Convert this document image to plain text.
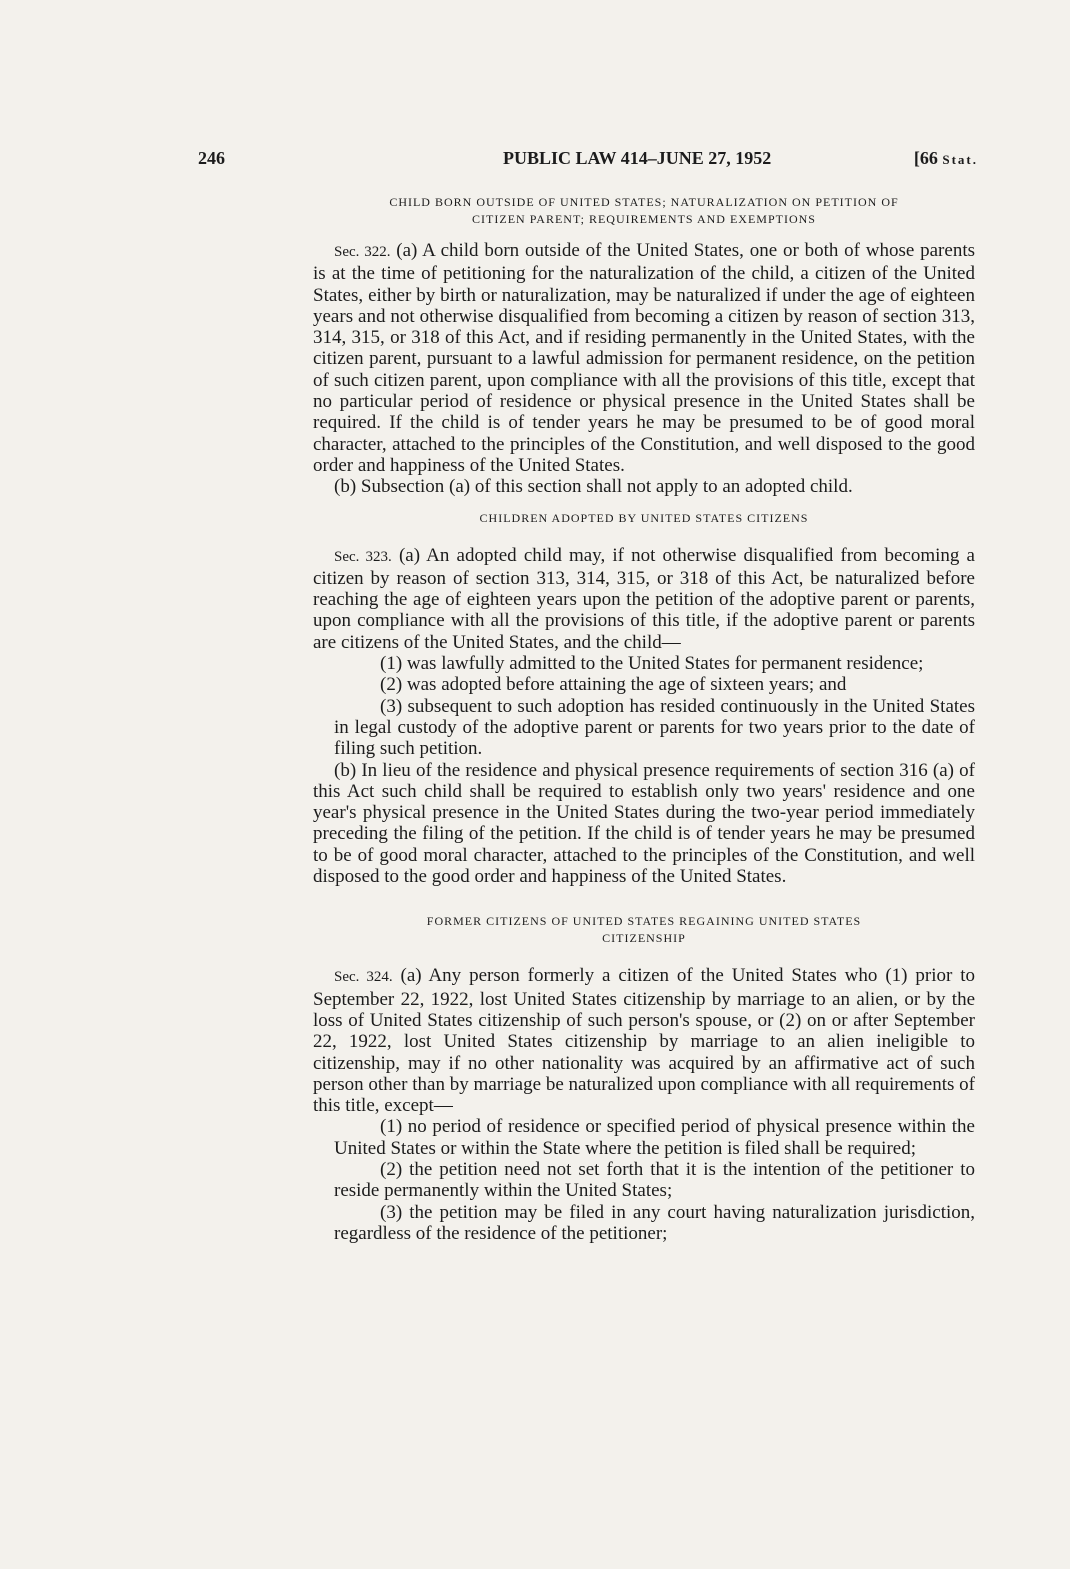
246	PUBLIC LAW 414–JUNE 27, 1952	[66 Stat.

CHILD BORN OUTSIDE OF UNITED STATES; NATURALIZATION ON PETITION OF
CITIZEN PARENT; REQUIREMENTS AND EXEMPTIONS

Sec. 322. (a) A child born outside of the United States, one or both of whose parents is at the time of petitioning for the naturalization of the child, a citizen of the United States, either by birth or naturalization, may be naturalized if under the age of eighteen years and not otherwise disqualified from becoming a citizen by reason of section 313, 314, 315, or 318 of this Act, and if residing permanently in the United States, with the citizen parent, pursuant to a lawful admission for permanent residence, on the petition of such citizen parent, upon compliance with all the provisions of this title, except that no particular period of residence or physical presence in the United States shall be required. If the child is of tender years he may be presumed to be of good moral character, attached to the principles of the Constitution, and well disposed to the good order and happiness of the United States.

(b) Subsection (a) of this section shall not apply to an adopted child.

CHILDREN ADOPTED BY UNITED STATES CITIZENS

Sec. 323. (a) An adopted child may, if not otherwise disqualified from becoming a citizen by reason of section 313, 314, 315, or 318 of this Act, be naturalized before reaching the age of eighteen years upon the petition of the adoptive parent or parents, upon compliance with all the provisions of this title, if the adoptive parent or parents are citizens of the United States, and the child—

(1) was lawfully admitted to the United States for permanent residence;

(2) was adopted before attaining the age of sixteen years; and

(3) subsequent to such adoption has resided continuously in the United States in legal custody of the adoptive parent or parents for two years prior to the date of filing such petition.

(b) In lieu of the residence and physical presence requirements of section 316 (a) of this Act such child shall be required to establish only two years' residence and one year's physical presence in the United States during the two-year period immediately preceding the filing of the petition. If the child is of tender years he may be presumed to be of good moral character, attached to the principles of the Constitution, and well disposed to the good order and happiness of the United States.

FORMER CITIZENS OF UNITED STATES REGAINING UNITED STATES
CITIZENSHIP

Sec. 324. (a) Any person formerly a citizen of the United States who (1) prior to September 22, 1922, lost United States citizenship by marriage to an alien, or by the loss of United States citizenship of such person's spouse, or (2) on or after September 22, 1922, lost United States citizenship by marriage to an alien ineligible to citizenship, may if no other nationality was acquired by an affirmative act of such person other than by marriage be naturalized upon compliance with all requirements of this title, except—

(1) no period of residence or specified period of physical presence within the United States or within the State where the petition is filed shall be required;

(2) the petition need not set forth that it is the intention of the petitioner to reside permanently within the United States;

(3) the petition may be filed in any court having naturalization jurisdiction, regardless of the residence of the petitioner;
